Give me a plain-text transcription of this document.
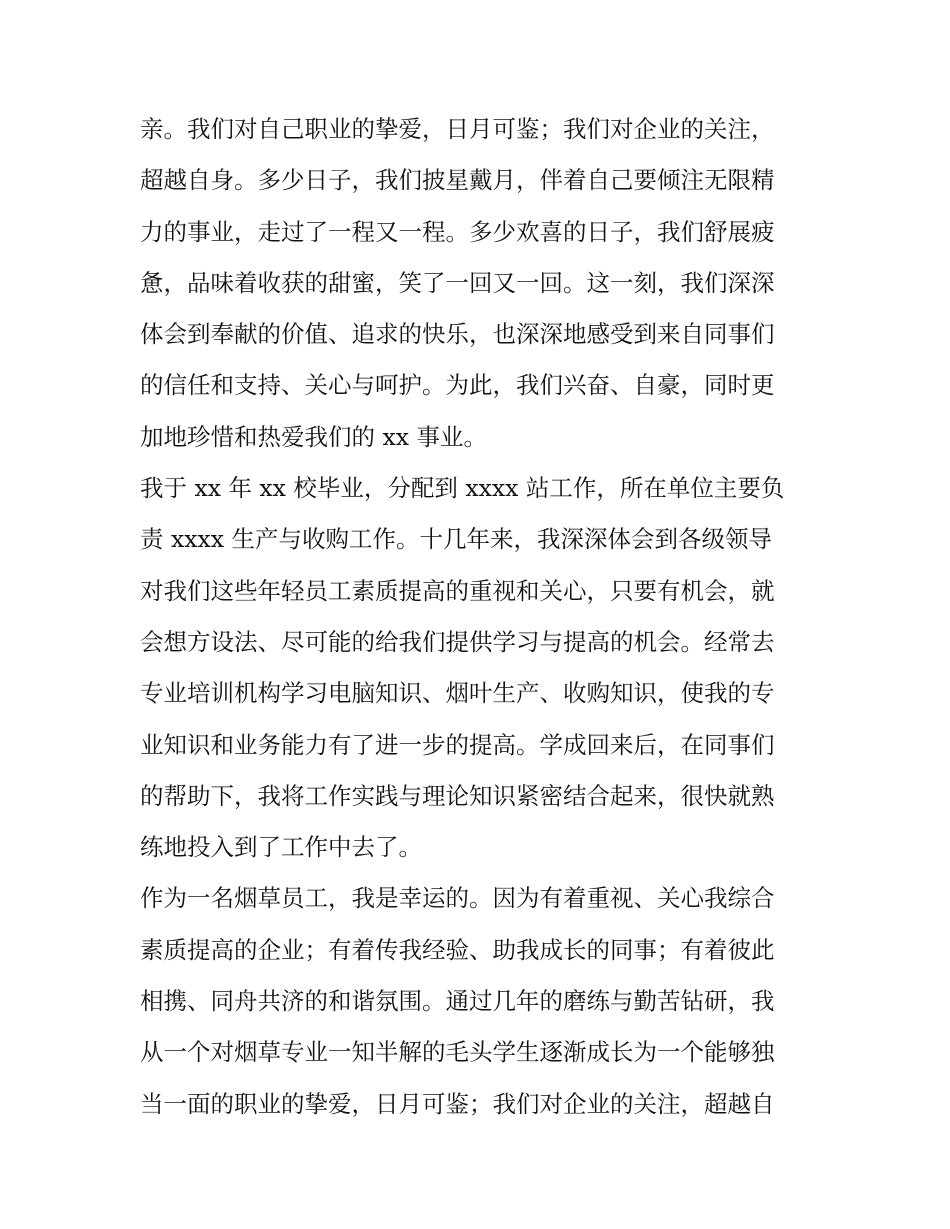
亲。我们对自己职业的挚爱，日月可鉴；我们对企业的关注，
超越自身。多少日子，我们披星戴月，伴着自己要倾注无限精
力的事业，走过了一程又一程。多少欢喜的日子，我们舒展疲
惫，品味着收获的甜蜜，笑了一回又一回。这一刻，我们深深
体会到奉献的价值、追求的快乐，也深深地感受到来自同事们
的信任和支持、关心与呵护。为此，我们兴奋、自豪，同时更
加地珍惜和热爱我们的 xx 事业。
我于 xx 年 xx 校毕业，分配到 xxxx 站工作，所在单位主要负
责 xxxx 生产与收购工作。十几年来，我深深体会到各级领导
对我们这些年轻员工素质提高的重视和关心，只要有机会，就
会想方设法、尽可能的给我们提供学习与提高的机会。经常去
专业培训机构学习电脑知识、烟叶生产、收购知识，使我的专
业知识和业务能力有了进一步的提高。学成回来后，在同事们
的帮助下，我将工作实践与理论知识紧密结合起来，很快就熟
练地投入到了工作中去了。
作为一名烟草员工，我是幸运的。因为有着重视、关心我综合
素质提高的企业；有着传我经验、助我成长的同事；有着彼此
相携、同舟共济的和谐氛围。通过几年的磨练与勤苦钻研，我
从一个对烟草专业一知半解的毛头学生逐渐成长为一个能够独
当一面的职业的挚爱，日月可鉴；我们对企业的关注，超越自
